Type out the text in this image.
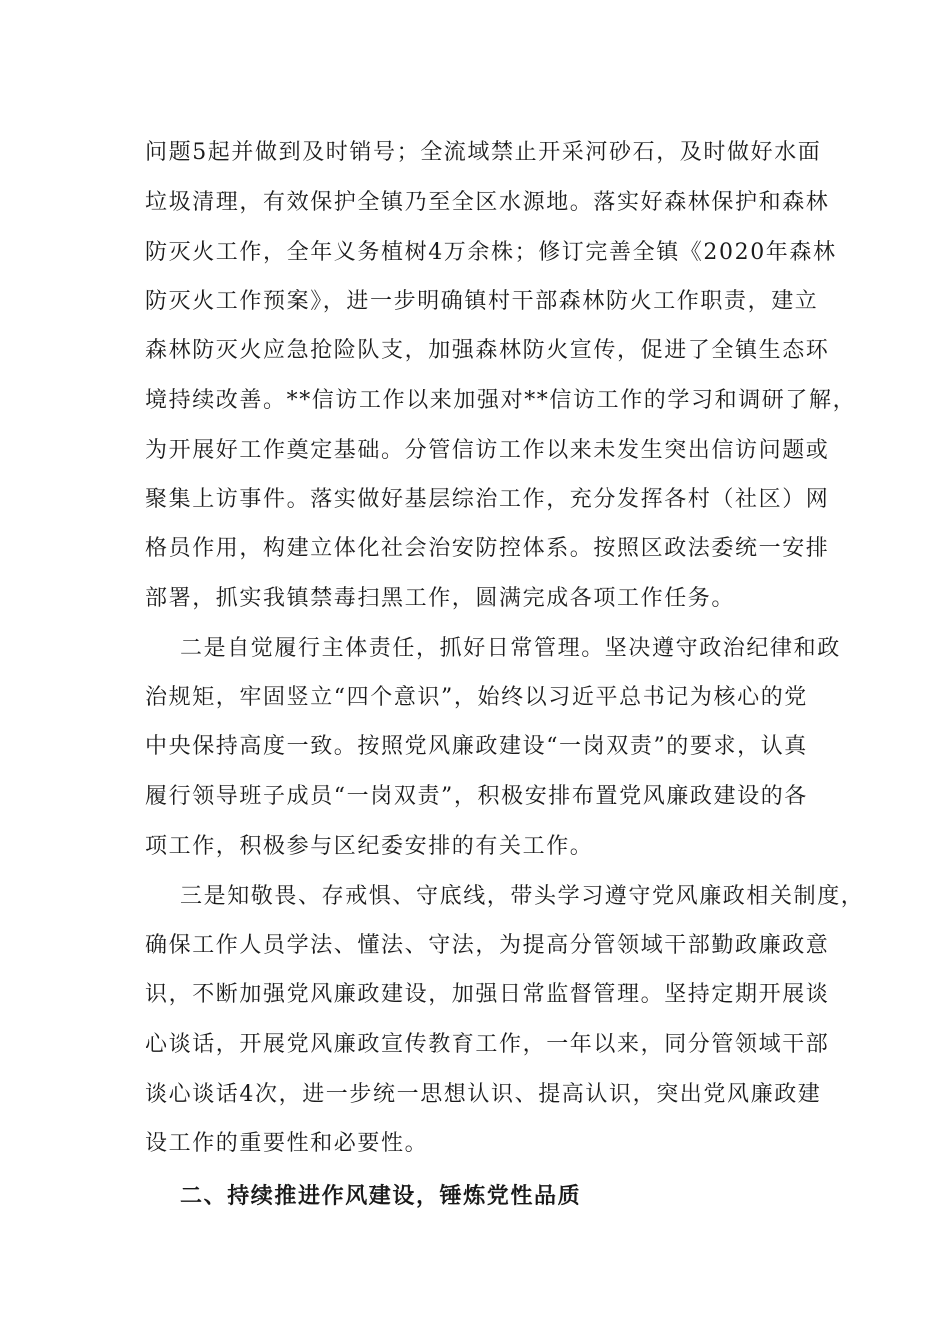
问题5起并做到及时销号；全流域禁止开采河砂石，及时做好水面
垃圾清理，有效保护全镇乃至全区水源地。落实好森林保护和森林
防灭火工作，全年义务植树4万余株；修订完善全镇《2020年森林
防灭火工作预案》，进一步明确镇村干部森林防火工作职责，建立
森林防灭火应急抢险队支，加强森林防火宣传，促进了全镇生态环
境持续改善。**信访工作以来加强对**信访工作的学习和调研了解，
为开展好工作奠定基础。分管信访工作以来未发生突出信访问题或
聚集上访事件。落实做好基层综治工作，充分发挥各村（社区）网
格员作用，构建立体化社会治安防控体系。按照区政法委统一安排
部署，抓实我镇禁毒扫黑工作，圆满完成各项工作任务。
二是自觉履行主体责任，抓好日常管理。坚决遵守政治纪律和政
治规矩，牢固竖立“四个意识”，始终以习近平总书记为核心的党
中央保持高度一致。按照党风廉政建设“一岗双责”的要求，认真
履行领导班子成员“一岗双责”，积极安排布置党风廉政建设的各
项工作，积极参与区纪委安排的有关工作。
三是知敬畏、存戒惧、守底线，带头学习遵守党风廉政相关制度，
确保工作人员学法、懂法、守法，为提高分管领域干部勤政廉政意
识，不断加强党风廉政建设，加强日常监督管理。坚持定期开展谈
心谈话，开展党风廉政宣传教育工作，一年以来，同分管领域干部
谈心谈话4次，进一步统一思想认识、提高认识，突出党风廉政建
设工作的重要性和必要性。
二、持续推进作风建设，锤炼党性品质
